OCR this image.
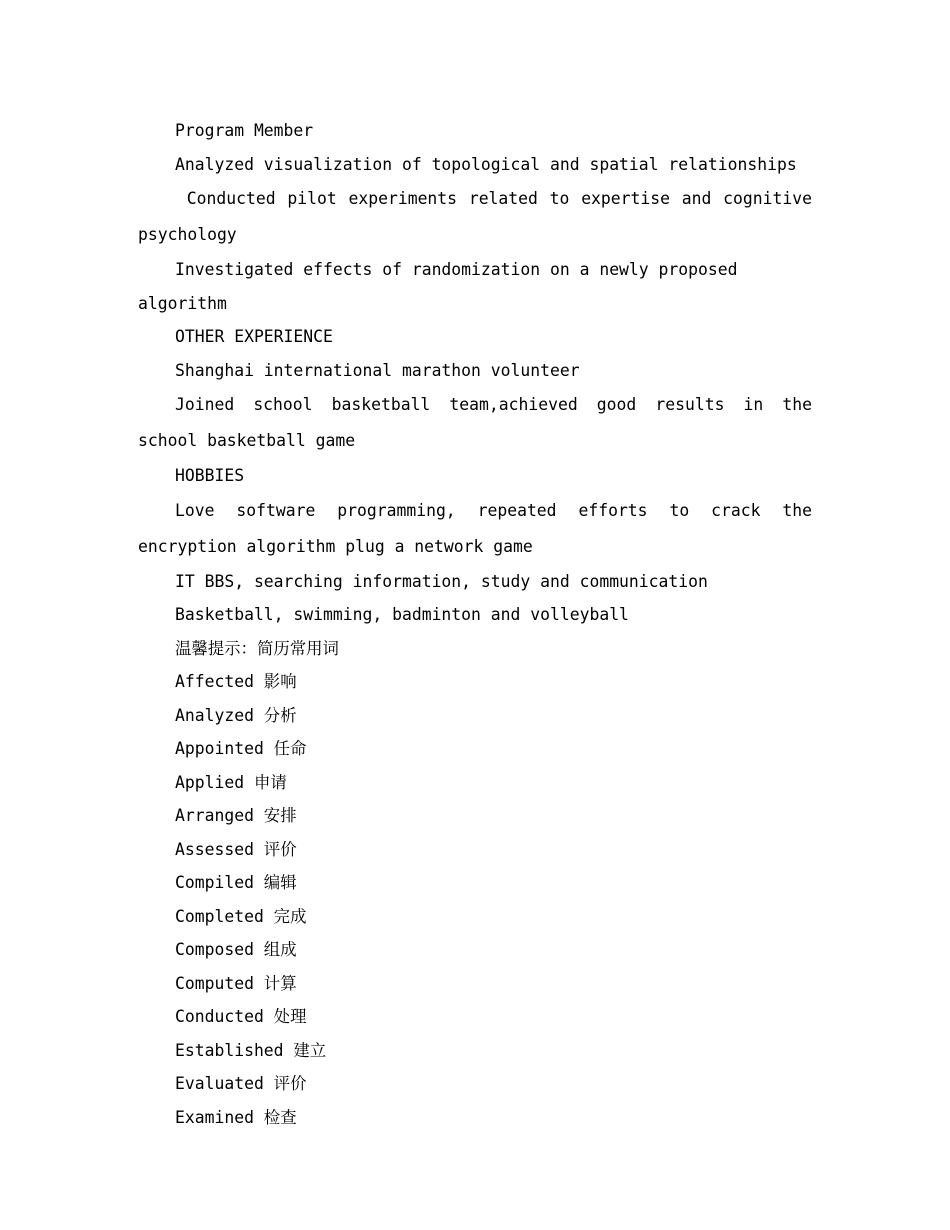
Program Member

Analyzed visualization of topological and spatial relationships

Conducted pilot experiments related to expertise and cognitive psychology

Investigated effects of randomization on a newly proposed algorithm

OTHER EXPERIENCE

Shanghai international marathon volunteer

Joined school basketball team,achieved good results in the school basketball game

HOBBIES

Love software programming, repeated efforts to crack the encryption algorithm plug a network game

IT BBS, searching information, study and communication

Basketball, swimming, badminton and volleyball

温馨提示：简历常用词

Affected 影响

Analyzed 分析

Appointed 任命

Applied 申请

Arranged 安排

Assessed 评价

Compiled 编辑

Completed 完成

Composed 组成

Computed 计算

Conducted 处理

Established 建立

Evaluated 评价

Examined 检查
